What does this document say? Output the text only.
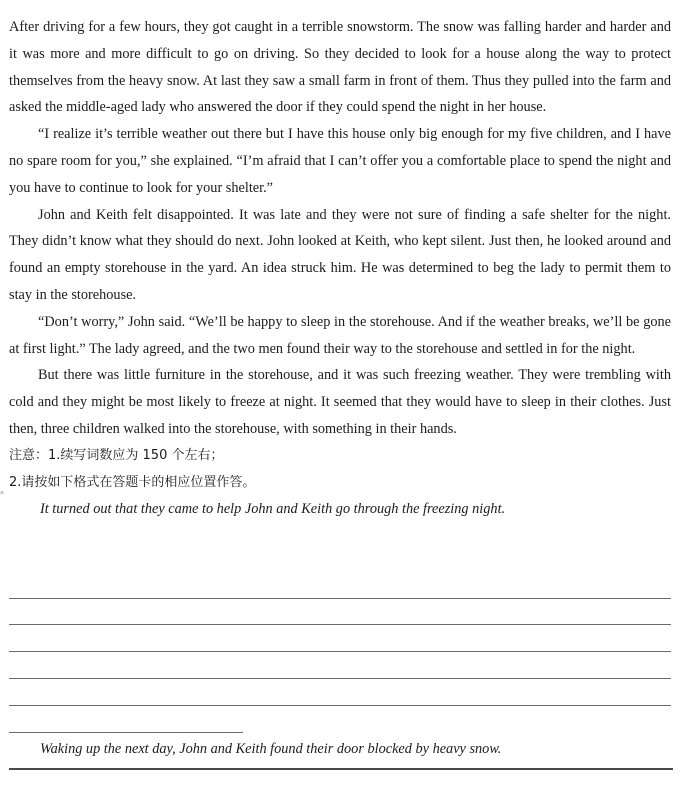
After driving for a few hours, they got caught in a terrible snowstorm. The snow was falling harder and harder and it was more and more difficult to go on driving. So they decided to look for a house along the way to protect themselves from the heavy snow. At last they saw a small farm in front of them. Thus they pulled into the farm and asked the middle-aged lady who answered the door if they could spend the night in her house.

“I realize it’s terrible weather out there but I have this house only big enough for my five children, and I have no spare room for you,” she explained. “I’m afraid that I can’t offer you a comfortable place to spend the night and you have to continue to look for your shelter.”

John and Keith felt disappointed. It was late and they were not sure of finding a safe shelter for the night. They didn’t know what they should do next. John looked at Keith, who kept silent. Just then, he looked around and found an empty storehouse in the yard. An idea struck him. He was determined to beg the lady to permit them to stay in the storehouse.

“Don’t worry,” John said. “We’ll be happy to sleep in the storehouse. And if the weather breaks, we’ll be gone at first light.” The lady agreed, and the two men found their way to the storehouse and settled in for the night.

But there was little furniture in the storehouse, and it was such freezing weather. They were trembling with cold and they might be most likely to freeze at night. It seemed that they would have to sleep in their clothes. Just then, three children walked into the storehouse, with something in their hands.

注意：1.续写词数应为 150 个左右；

2.请按如下格式在答题卡的相应位置作答。

It turned out that they came to help John and Keith go through the freezing night.

ₐ
Waking up the next day, John and Keith found their door blocked by heavy snow.
